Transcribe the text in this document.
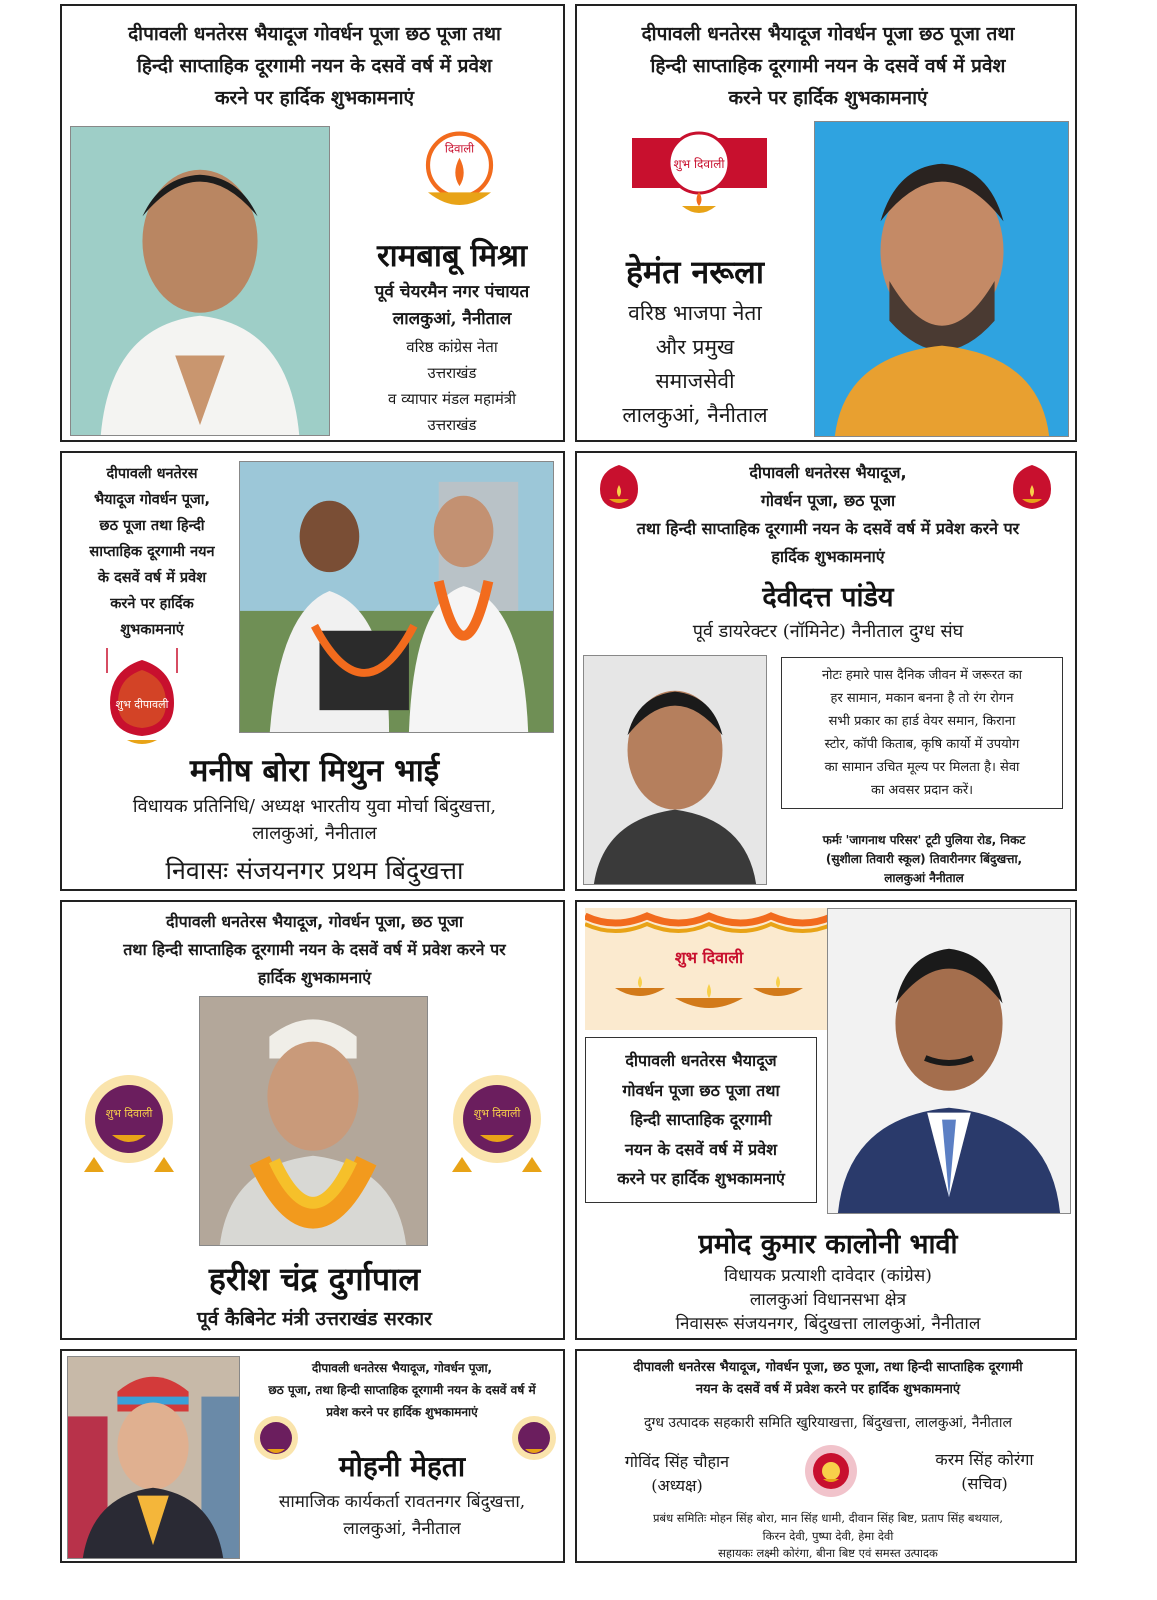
दीपावली धनतेरस भैयादूज गोवर्धन पूजा छठ पूजा तथा
हिन्दी साप्ताहिक दूरगामी नयन के दसवें वर्ष में प्रवेश
करने पर हार्दिक शुभकामनाएं
दिवाली
रामबाबू मिश्रा
पूर्व चेयरमैन नगर पंचायत
लालकुआं, नैनीताल
वरिष्ठ कांग्रेस नेता
उत्तराखंड
व व्यापार मंडल महामंत्री
उत्तराखंड
दीपावली धनतेरस भैयादूज गोवर्धन पूजा छठ पूजा तथा
हिन्दी साप्ताहिक दूरगामी नयन के दसवें वर्ष में प्रवेश
करने पर हार्दिक शुभकामनाएं
शुभ दिवाली
हेमंत नरूला
वरिष्ठ भाजपा नेता
और प्रमुख
समाजसेवी
लालकुआं, नैनीताल
दीपावली धनतेरस
भैयादूज गोवर्धन पूजा,
छठ पूजा तथा हिन्दी
साप्ताहिक दूरगामी नयन
के दसवें वर्ष में प्रवेश
करने पर हार्दिक
शुभकामनाएं
शुभ दीपावली
मनीष बोरा मिथुन भाई
विधायक प्रतिनिधि/ अध्यक्ष भारतीय युवा मोर्चा बिंदुखत्ता,
लालकुआं, नैनीताल
निवासः संजयनगर प्रथम बिंदुखत्ता
दीपावली धनतेरस भैयादूज,
गोवर्धन पूजा, छठ पूजा
तथा हिन्दी साप्ताहिक दूरगामी नयन के दसवें वर्ष में प्रवेश करने पर
हार्दिक शुभकामनाएं
देवीदत्त पांडेय
पूर्व डायरेक्टर (नॉमिनेट) नैनीताल दुग्ध संघ
नोटः हमारे पास दैनिक जीवन में जरूरत का
हर सामान, मकान बनना है तो रंग रोगन
सभी प्रकार का हार्ड वेयर समान, किराना
स्टोर, कॉपी किताब, कृषि कार्यो में उपयोग
का सामान उचित मूल्य पर मिलता है। सेवा
का अवसर प्रदान करें।
फर्मः 'जागनाथ परिसर' टूटी पुलिया रोड, निकट
(सुशीला तिवारी स्कूल) तिवारीनगर बिंदुखत्ता,
लालकुआं नैनीताल
दीपावली धनतेरस भैयादूज, गोवर्धन पूजा, छठ पूजा
तथा हिन्दी साप्ताहिक दूरगामी नयन के दसवें वर्ष में प्रवेश करने पर
हार्दिक शुभकामनाएं
शुभ दिवाली	शुभ दिवाली
हरीश चंद्र दुर्गापाल
पूर्व कैबिनेट मंत्री उत्तराखंड सरकार
शुभ दिवाली
दीपावली धनतेरस भैयादूज
गोवर्धन पूजा छठ पूजा तथा
हिन्दी साप्ताहिक दूरगामी
नयन के दसवें वर्ष में प्रवेश
करने पर हार्दिक शुभकामनाएं
प्रमोद कुमार कालोनी भावी
विधायक प्रत्याशी दावेदार (कांग्रेस)
लालकुआं विधानसभा क्षेत्र
निवासरू संजयनगर, बिंदुखत्ता लालकुआं, नैनीताल
दीपावली धनतेरस भैयादूज, गोवर्धन पूजा,
छठ पूजा, तथा हिन्दी साप्ताहिक दूरगामी नयन के दसवें वर्ष में
प्रवेश करने पर हार्दिक शुभकामनाएं
मोहनी मेहता
सामाजिक कार्यकर्ता रावतनगर बिंदुखत्ता,
लालकुआं, नैनीताल
दीपावली धनतेरस भैयादूज, गोवर्धन पूजा, छठ पूजा, तथा हिन्दी साप्ताहिक दूरगामी
नयन के दसवें वर्ष में प्रवेश करने पर हार्दिक शुभकामनाएं
दुग्ध उत्पादक सहकारी समिति खुरियाखत्ता, बिंदुखत्ता, लालकुआं, नैनीताल
गोविंद सिंह चौहान
(अध्यक्ष)
करम सिंह कोरंगा
(सचिव)
प्रबंध समितिः मोहन सिंह बोरा, मान सिंह धामी, दीवान सिंह बिष्ट, प्रताप सिंह बथयाल,
किरन देवी, पुष्पा देवी, हेमा देवी
सहायकः लक्ष्मी कोरंगा, बीना बिष्ट एवं समस्त उत्पादक
